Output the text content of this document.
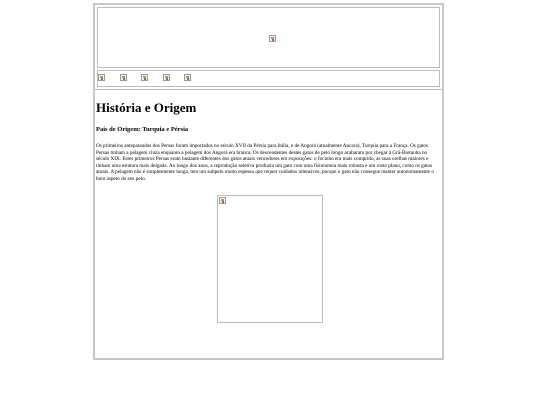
História e Origem
País de Origem: Turquia e Pérsia

Os primeiros antepassados dos Persas foram importados no século XVII da Pérsia para Itália, e de Angorá (atualmente Ancara), Turquia para a França. Os gatos Persas tinham a pelagem cinza enquanto a pelagem dos Angorá era branca. Os descendentes destes gatos de pelo longo acabaram por chegar à Grã-Bretanha no século XIX. Estes primeiros Persas eram bastante diferentes dos gatos atuais vencedores em exposições: o focinho era mais comprido, as suas orelhas maiores e tinham uma estatura mais delgada. Ao longo dos anos, a reprodução seletiva produziu um gato com uma fisionomia mais robusta e um rosto plano, como os gatos atuais. A pelagem não é simplesmente longa, tem um subpelo muito espesso que requer cuidados intensivos, porque o gato não consegue manter autonomamente o bom aspeto do seu pelo.
